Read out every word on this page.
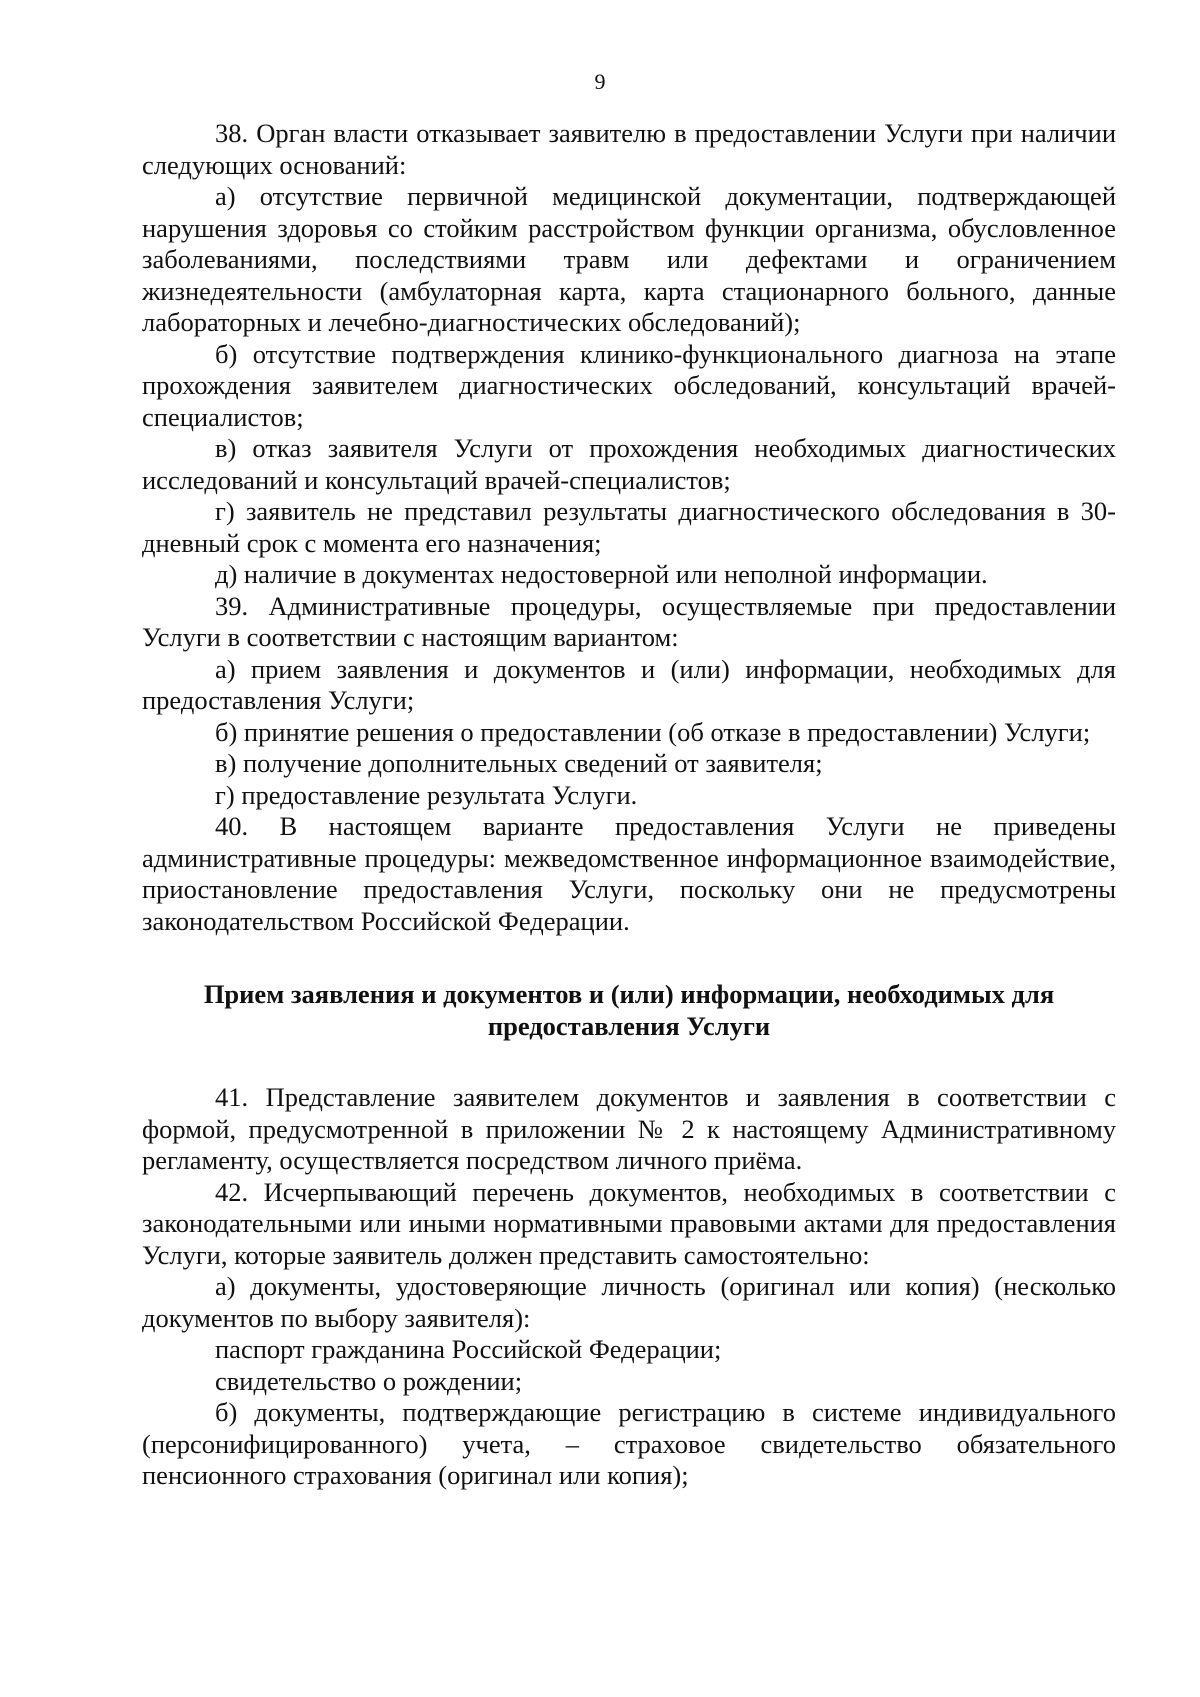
9

38. Орган власти отказывает заявителю в предоставлении Услуги при наличии следующих оснований:

а) отсутствие первичной медицинской документации, подтверждающей нарушения здоровья со стойким расстройством функции организма, обусловленное заболеваниями, последствиями травм или дефектами и ограничением жизнедеятельности (амбулаторная карта, карта стационарного больного, данные лабораторных и лечебно-диагностических обследований);

б) отсутствие подтверждения клинико-функционального диагноза на этапе прохождения заявителем диагностических обследований, консультаций врачей-специалистов;

в) отказ заявителя Услуги от прохождения необходимых диагностических исследований и консультаций врачей-специалистов;

г) заявитель не представил результаты диагностического обследования в 30-дневный срок с момента его назначения;

д) наличие в документах недостоверной или неполной информации.

39. Административные процедуры, осуществляемые при предоставлении Услуги в соответствии с настоящим вариантом:

а) прием заявления и документов и (или) информации, необходимых для предоставления Услуги;

б) принятие решения о предоставлении (об отказе в предоставлении) Услуги;

в) получение дополнительных сведений от заявителя;

г) предоставление результата Услуги.

40. В настоящем варианте предоставления Услуги не приведены административные процедуры: межведомственное информационное взаимодействие, приостановление предоставления Услуги, поскольку они не предусмотрены законодательством Российской Федерации.

Прием заявления и документов и (или) информации, необходимых для предоставления Услуги

41. Представление заявителем документов и заявления в соответствии с формой, предусмотренной в приложении № 2 к настоящему Административному регламенту, осуществляется посредством личного приёма.

42. Исчерпывающий перечень документов, необходимых в соответствии с законодательными или иными нормативными правовыми актами для предоставления Услуги, которые заявитель должен представить самостоятельно:

а) документы, удостоверяющие личность (оригинал или копия) (несколько документов по выбору заявителя):

паспорт гражданина Российской Федерации;

свидетельство о рождении;

б) документы, подтверждающие регистрацию в системе индивидуального (персонифицированного) учета, – страховое свидетельство обязательного пенсионного страхования (оригинал или копия);
